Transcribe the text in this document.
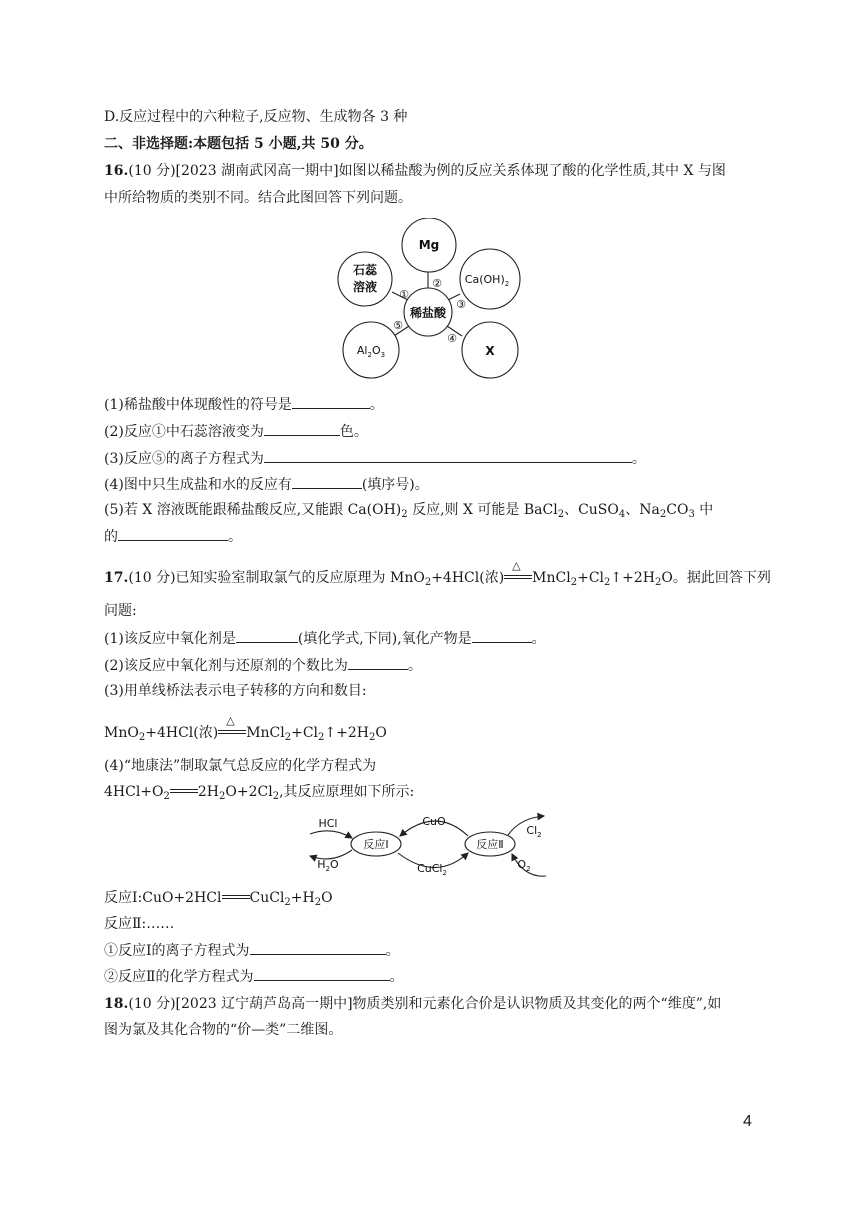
D.反应过程中的六种粒子,反应物、生成物各 3 种
二、非选择题:本题包括 5 小题,共 50 分。
16.(10 分)[2023 湖南武冈高一期中]如图以稀盐酸为例的反应关系体现了酸的化学性质,其中 X 与图
中所给物质的类别不同。结合此图回答下列问题。
Mg
石蕊
溶液
$Ca(OH)_2$
$Al_2O_3$	X
稀盐酸
①
②
③
④
⑤
(1)稀盐酸中体现酸性的符号是	。
(2)反应①中石蕊溶液变为	色。
(3)反应⑤的离子方程式为	。
(4)图中只生成盐和水的反应有	(填序号)。
(5)若 X 溶液既能跟稀盐酸反应,又能跟 $Ca(OH)_2$ 反应,则 X 可能是 BaCl$_2$、CuSO$_4$、$Na_2CO_3$ 中
的	。
17.(10 分)已知实验室制取氯气的反应原理为 MnO$_2$+4HCl(浓)
△
$MnCl_2+Cl_2↑+2H_2O$。据此回答下列
问题:
(1)该反应中氧化剂是	(填化学式,下同),氧化产物是	。
(2)该反应中氧化剂与还原剂的个数比为	。
(3)用单线桥法表示电子转移的方向和数目:
MnO$_2$+4HCl(浓)
△
$MnCl_2+Cl_2↑+2H_2O$
(4)“地康法”制取氯气总反应的化学方程式为
$4HCl+O_2$ $2H_2O+2Cl_2$,其反应原理如下所示:
反应Ⅰ	反应Ⅱ
CuO
HCl
$Cl_2$
$H_2O$	CuCl$_2$
$O_2$
反应Ⅰ:CuO+2HCl $CuCl_2+H_2O$
反应Ⅱ:……
①反应Ⅰ的离子方程式为	。
②反应Ⅱ的化学方程式为	。
18.(10 分)[2023 辽宁葫芦岛高一期中]物质类别和元素化合价是认识物质及其变化的两个“维度”,如
图为氯及其化合物的“价—类”二维图。
4
